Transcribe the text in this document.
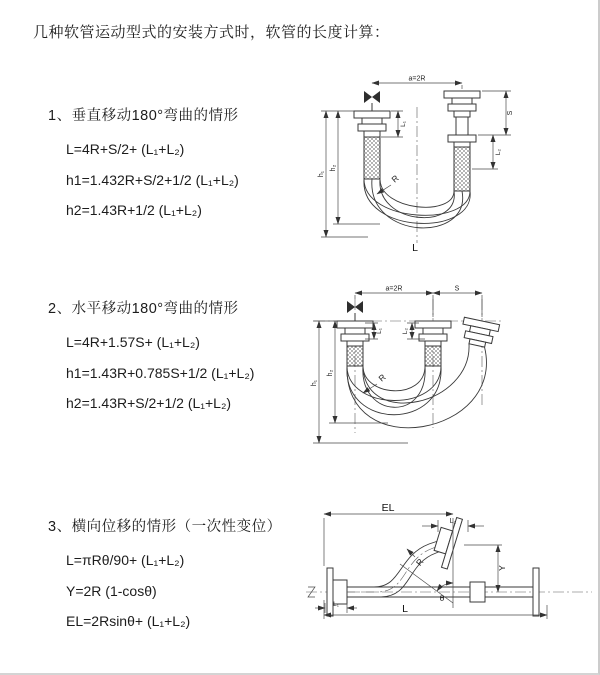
几种软管运动型式的安装方式时，软管的长度计算：
1、垂直移动180°弯曲的情形
L=4R+S/2+ (L₁+L₂)
h1=1.432R+S/2+1/2 (L₁+L₂)
h2=1.43R+1/2 (L₁+L₂)
2、水平移动180°弯曲的情形
L=4R+1.57S+ (L₁+L₂)
h1=1.43R+0.785S+1/2 (L₁+L₂)
h2=1.43R+S/2+1/2 (L₁+L₂)
3、横向位移的情形（一次性变位）
L=πRθ/90+ (L₁+L₂)
Y=2R (1-cosθ)
EL=2Rsinθ+ (L₁+L₂)
a=2R
S
L₂
L₁
h₁
h₂
R
L
a=2R	S
h₁
h₂
L₁	L₂
R
EL
L₂
Y
L
L₁
θ
R
